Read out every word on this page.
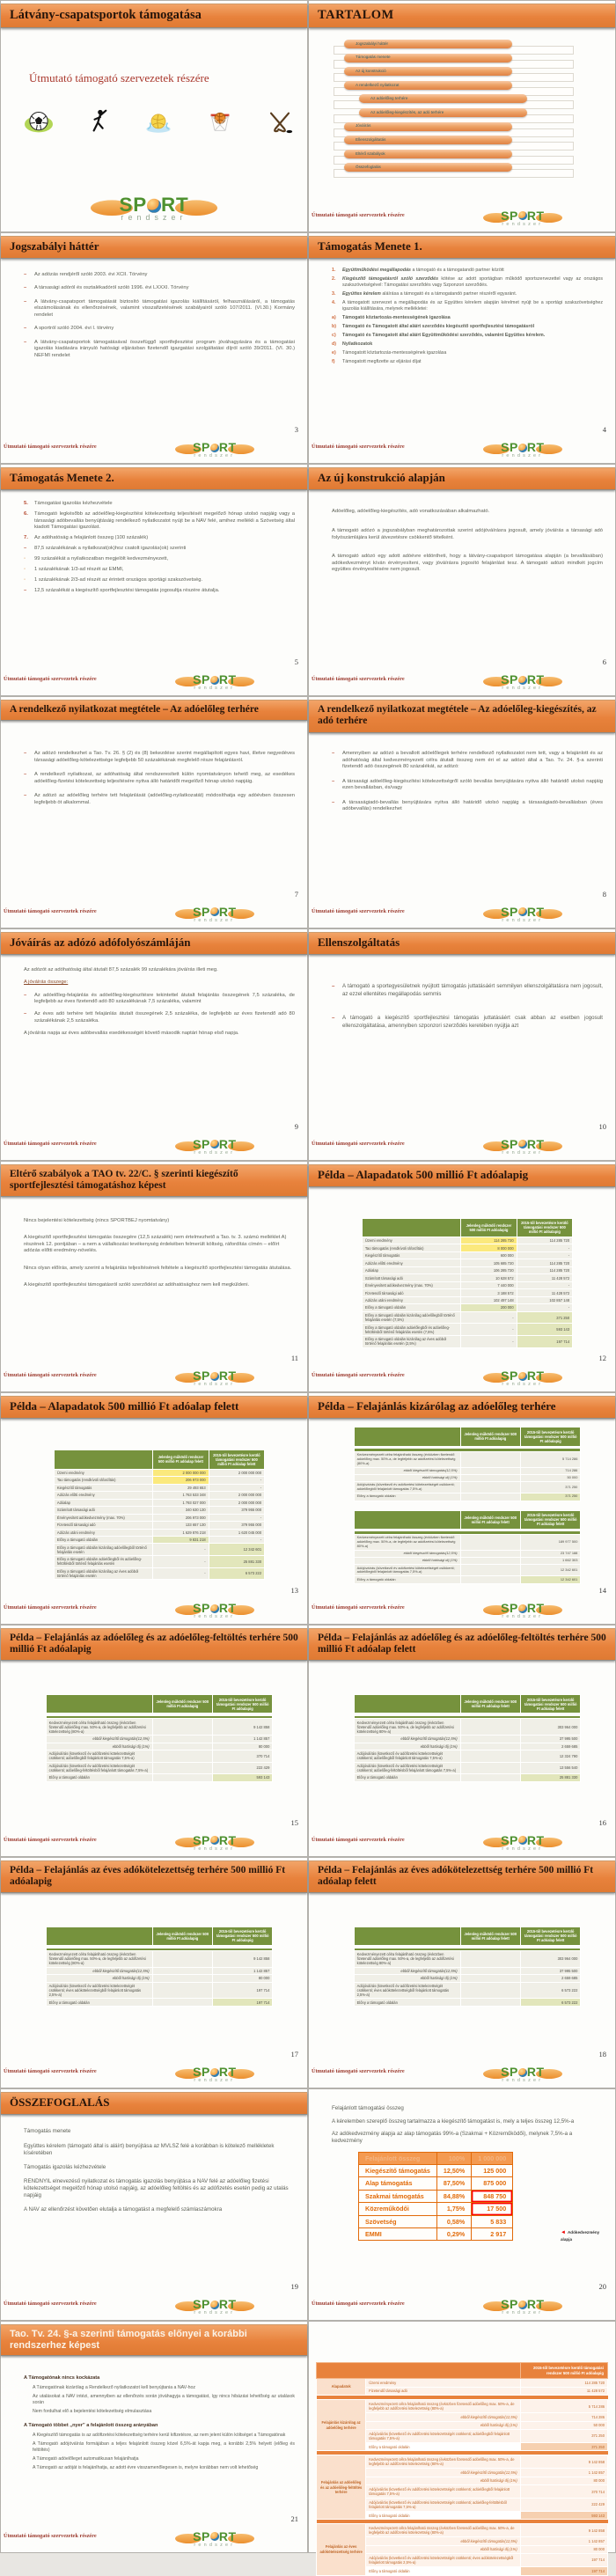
Látvány-csapatsportok támogatása
Útmutató támogató szervezetek részére
SP RT
rendszer
TARTALOM
Jogszabályi háttér
Támogatás menete
Az új konstrukció
A rendelkező nyilatkozat
Az adóelőleg terhére
Az adóelőleg-kiegészítés, az adó terhére
Jóváírás
Ellenszolgáltatás
Eltérő szabályok
Összefoglalás
Útmutató támogató szervezetek részére	SP RT
rendszer
Jogszabályi háttér
–	Az adózás rendjéről szóló 2003. évi XCII. Törvény
–	A társasági adóról és osztalékadóról szóló 1996. évi LXXXI. Törvény
–	A látvány-csapatsport támogatását biztosító támogatási igazolás kiállításáról, felhasználásáról, a támogatás elszámolásának és ellenőrzésének, valamint visszafizetésének szabályairól szóló 107/2011. (VI.30.) Kormány rendelet
–	A sportról szóló 2004. évi I. törvény
–	A látvány-csapatsportok támogatásával összefüggő sportfejlesztési program jóváhagyására és a támogatási igazolás kiadására irányuló hatósági eljárásban fizetendő igazgatási szolgáltatási díjról szóló 39/2011. (VI. 30.) NEFMI rendelet
Útmutató támogató szervezetek részére	SP RT
rendszer
3
Támogatás Menete 1.
1.	Együttműködési megállapodás a támogató és a támogatandó partner között
2.	Kiegészítő támogatásról szóló szerződés kötése az adott sportágban működő sportszervezettel vagy az országos szakszövetségével: Támogatási szerződés vagy Szponzori szerződés.
3.	Együttes kérelem aláírása a támogató és a támogatandó partner részéről egyaránt.
4.	A támogatott szervezet a megállapodás és az Együttes kérelem alapján kérelmet nyújt be a sportági szakszövetséghez igazolás kiállítására, melynek mellékletei:
a)	Támogató köztartozás-mentességének igazolása
b)	Támogató és Támogatott által aláírt szerződés kiegészítő sportfejlesztési támogatásról
c)	Támogató és Támogatott által aláírt Együttműködési szerződés, valamint Együttes kérelem.
d)	Nyilatkozatok
e)	Támogatott köztartozás-mentességének igazolása
f)	Támogatott megfizette az eljárási díjat
Útmutató támogató szervezetek részére	SP RT
rendszer
4
Támogatás Menete 2.
5.	Támogatási igazolás kézhezvétele
6.	Támogató legkésőbb az adóelőleg-kiegészítési kötelezettség teljesítését megelőző hónap utolsó napjáig vagy a társasági adóbevallás benyújtásáig rendelkező nyilatkozatot nyújt be a NAV felé, amihez mellékli a Szövetség által kiadott Támogatási igazolást.
7.	Az adóhatóság a felajánlott összeg (100 százalék)
–	87,5 százalékának a nyilatkozat(ok)hoz csatolt igazolás(ok) szerinti
◦	99 százalékát a nyilatkozatban megjelölt kedvezményezett,
◦	1 százalékának 1/3-ad részét az EMMI,
◦	1 százalékának 2/3-ad részét az érintett országos sportági szakszövetség.
–	12,5 százalékát a kiegészítő sportfejlesztési támogatás jogosultja részére átutalja.
Útmutató támogató szervezetek részére	SP RT
rendszer
5
Az új konstrukció alapján
Adóelőleg, adóelőleg-kiegészítés, adó vonatkozásában alkalmazható.
A támogató adózó a jogszabályban meghatározottak szerint adójóváírásra jogosult, amely jóváírás a társasági adó folyószámlájára kerül átvezetésre csökkentő tételként.
A támogató adózó egy adott adóévre eldöntheti, hogy a látvány-csapatsport támogatása alapján (a bevallásában) adókedvezményt kíván érvényesíteni, vagy jóváírásra jogosító felajánlást tesz. A támogató adózó mindkét jogcím együttes érvényesítésére nem jogosult.
Útmutató támogató szervezetek részére	SP RT
rendszer
6
A rendelkező nyilatkozat megtétele – Az adóelőleg terhére
–	Az adózó rendelkezhet a Tao. Tv. 26. § (2) és (8) bekezdése szerint megállapított egyes havi, illetve negyedéves társasági adóelőleg-kötelezettsége legfeljebb 50 százalékának megfelelő része felajánlásról.
–	A rendelkező nyilatkozat, az adóhatóság által rendszeresített külön nyomtatványon tehető meg, az esedékes adóelőleg-fizetési kötelezettség teljesítésére nyitva álló határidőt megelőző hónap utolsó napjáig.
–	Az adózó az adóelőleg terhére tett felajánlását (adóelőleg-nyilatkozatát) módosíthatja egy adóévben összesen legfeljebb öt alkalommal.
Útmutató támogató szervezetek részére	SP RT
rendszer
7
A rendelkező nyilatkozat megtétele – Az adóelőleg-kiegészítés, az adó terhére
–	Amennyiben az adózó a bevallott adóelőlegek terhére rendelkező nyilatkozatot nem tett, vagy a felajánlott és az adóhatóság által kedvezményezett célra átutalt összeg nem éri el az adózó által a Tao. Tv. 24. §-a szerinti fizetendő adó összegének 80 százalékát, az adózó:
–	A társasági adóelőleg-kiegészítési kötelezettségről szóló bevallás benyújtására nyitva álló határidő utolsó napjáig ezen bevallásban, és/vagy
–	A társaságiadó-bevallás benyújtására nyitva álló határidő utolsó napjáig a társaságiadó-bevallásban (éves adóbevallás) rendelkezhet
Útmutató támogató szervezetek részére	SP RT
rendszer
8
Jóváírás az adózó adófolyószámláján
Az adózót az adóhatóság által átutalt 87,5 százalék 99 százalékára jóváírás illeti meg.
A jóváírás összege:
–	Az adóelőleg-felajánlás és adóelőleg-kiegészítésre tekintettel átutalt felajánlás összegének 7,5 százaléka, de legfeljebb az éves fizetendő adó 80 százalékának 7,5 százaléka, valamint
–	Az éves adó terhére tett felajánlás átutalt összegének 2,5 százaléka, de legfeljebb az éves fizetendő adó 80 százalékának 2,5 százaléka.
A jóváírás napja az éves adóbevallás esedékességét követő második naptári hónap első napja.
Útmutató támogató szervezetek részére	SP RT
rendszer
9
Ellenszolgáltatás
–	A támogató a sportegyesületnek nyújtott támogatás juttatásáért semmilyen ellenszolgáltatásra nem jogosult, az ezzel ellentétes megállapodás semmis
–	A támogató a kiegészítő sportfejlesztési támogatás juttatásáért csak abban az esetben jogosult ellenszolgáltatása, amennyiben szponzori szerződés keretében nyújtja azt
Útmutató támogató szervezetek részére	SP RT
rendszer
10
Eltérő szabályok a TAO tv. 22/C. § szerinti kiegészítő sportfejlesztési támogatáshoz képest
Nincs bejelentési kötelezettség (nincs SPORTBEJ nyomtatvány)
A kiegészítő sportfejlesztési támogatás összegére (12,5 százalék) nem értelmezhető a Tao. tv. 3. számú melléklet A) részének 12. pontjában – a nem a vállalkozási tevékenység érdekében felmerült költség, ráfordítás címén – előírt adózás előtti eredmény-növelés.
Nincs olyan előírás, amely szerint a felajánlás teljesítésének feltétele a kiegészítő sportfejlesztési támogatás átutalása.
A kiegészítő sportfejlesztési támogatásról szóló szerződést az adóhatósághoz nem kell megküldeni.
Útmutató támogató szervezetek részére	SP RT
rendszer
11
Példa – Alapadatok 500 millió Ft adóalapig
	Jelenleg működő rendszer 500 millió Ft adóalapig	2015-től bevezetésre kerülő támogatási rendszer 500 millió Ft adóalapig
Üzemi eredmény	114 285 720	114 285 720
Tao támogatás (rendkívüli ráfordítás)	8 000 000	-
Kiegészítő támogatás	600 000	-
Adózás előtti eredmény	105 685 720	114 285 720
Adóalap	106 285 720	114 285 720
Számított társasági adó	10 628 572	11 428 572
Érvényesített adókedvezmény (max. 70%)	7 440 000	-
Fizetendő társasági adó	3 188 572	11 428 572
Adózás utáni eredmény	102 497 148	102 857 148
Előny a támogató oldalán	200 000	-
Előny a támogató oldalán kizárólag adóelőlegből történő felajánlás esetén (7,5%)	-	371 250
Előny a támogató oldalán adóelőlegből és adóelőleg-feltöltésből történő felajánlás esetén (7,5%)	-	593 143
Előny a támogató oldalán kizárólag az éves adóból történő felajánlás esetén (2,5%)	-	197 714
Útmutató támogató szervezetek részére	SP RT
rendszer
12
Példa – Alapadatok 500 millió Ft adóalap felett
	Jelenleg működő rendszer 500 millió Ft adóalap felett	2015-től bevezetésre kerülő támogatási rendszer 500 millió Ft adóalap felett
Üzemi eredmény	2 000 000 000	2 000 000 000
Tao támogatás (rendkívüli ráfordítás)	206 973 000	-
Kiegészítő támogatás	29 493 653	-
Adózás előtti eredmény	1 763 533 348	2 000 000 000
Adóalap	1 793 027 000	2 000 000 000
Számított társasági adó	340 630 130	379 955 000
Érvényesített adókedvezmény (max. 70%)	206 973 000	-
Fizetendő társasági adó	133 657 130	379 955 000
Adózás utáni eredmény	1 629 876 218	1 620 045 000
Előny a támogató oldalán	9 831 218	-
Előny a támogató oldalán kizárólag adóelőlegből történő felajánlás esetén	-	12 342 601
Előny a támogató oldalán adóelőlegből és adóelőleg-feltöltésből történő felajánlás esetén	-	25 881 330
Előny a támogató oldalán kizárólag az éves adóból történő felajánlás esetén	-	6 573 222
Útmutató támogató szervezetek részére	SP RT
rendszer
13
Példa – Felajánlás kizárólag az adóelőleg terhére
	Jelenleg működő rendszer 500 millió Ft adóalapig	2015-től bevezetésre kerülő támogatási rendszer 500 millió Ft adóalapig

Kedvezményezett célra felajánlható összeg (évközben fizetendő adóelőleg max. 50%-a, de legfeljebb az adófizetési kötelezettség (80%-a)		5 714 286
ebből kiegészítő támogatás(12,5%)		714 286
ebből hatósági díj (1%)		50 000
Adójóváírás (következő év adófizetési kötelezettségét csökkenti; adóelőlegből felajánlott támogatás 7,5%-a)		371 250
Előny a támogató oldalán		371 250
	Jelenleg működő rendszer 500 millió Ft adóalap felett	2015-től bevezetésre kerülő támogatási rendszer 500 millió Ft adóalap felett

Kedvezményezett célra felajánlható összeg (évközben fizetendő adóelőleg max. 50%-a, de legfeljebb az adófizetési kötelezettség 80%-a)		189 977 500
ebből kiegészítő támogatás(12,5%)		23 747 188
ebből hatósági díj (1%)		1 662 303
Adójóváírás (következő év adófizetési kötelezettségét csökkenti; adóelőlegből felajánlott támogatás 7,5%-a)		12 342 601
Előny a támogató oldalán		12 342 601
Útmutató támogató szervezetek részére	SP RT
rendszer
14
Példa – Felajánlás az adóelőleg és az adóelőleg-feltöltés terhére 500 millió Ft adóalapig
	Jelenleg működő rendszer 500 millió Ft adóalapig	2015-től bevezetésre kerülő támogatási rendszer 500 millió Ft adóalapig

Kedvezményezett célra felajánlható összeg (évközben fizetendő adóelőleg max. 50%-a, de legfeljebb az adófizetési kötelezettség (80%-a)		9 142 858
ebből kiegészítő támogatás(12,5%)		1 142 857
ebből hatósági díj (1%)		80 000
Adójóváírás (következő év adófizetési kötelezettségét csökkenti; adóelőlegből felajánlott támogatás 7,5%-a)		370 714
Adójóváírás (következő év adófizetési kötelezettségét csökkenti; adóelőleg-feltöltésből felajánlott támogatás 7,5%-a)		222 429
Előny a támogató oldalán		593 143
Útmutató támogató szervezetek részére	SP RT
rendszer
15
Példa – Felajánlás az adóelőleg és az adóelőleg-feltöltés terhére 500 millió Ft adóalap felett
	Jelenleg működő rendszer 500 millió Ft adóalap felett	2015-től bevezetésre kerülő támogatási rendszer 500 millió Ft adóalap felett

Kedvezményezett célra felajánlható összeg (évközben fizetendő adóelőleg max. 50%-a, de legfeljebb az adófizetési kötelezettség 80%-a)		303 964 000
ebből kiegészítő támogatás(12,5%)		37 995 500
ebből hatósági díj (1%)		2 659 685
Adójóváírás (következő év adófizetési kötelezettségét csökkenti; adóelőlegből felajánlott támogatás 7,5%-a)		12 324 790
Adójóváírás (következő év adófizetési kötelezettségét csökkenti; adóelőleg-feltöltésből felajánlott támogatás 7,5%-a)		13 556 540
Előny a támogató oldalán		25 881 330
Útmutató támogató szervezetek részére	SP RT
rendszer
16
Példa – Felajánlás az éves adókötelezettség terhére 500 millió Ft adóalapig
	Jelenleg működő rendszer 500 millió Ft adóalapig	2015-től bevezetésre kerülő támogatási rendszer 500 millió Ft adóalapig

Kedvezményezett célra felajánlható összeg (évközben fizetendő adóelőleg max. 50%-a, de legfeljebb az adófizetési kötelezettség (80%-a)		9 142 858
ebből kiegészítő támogatás(12,5%)		1 142 857
ebből hatósági díj (1%)		80 000
Adójóváírás (következő év adófizetési kötelezettségét csökkenti; éves adókötelezettségből felajánlott támogatás 2,5%-a)		197 714
Előny a támogató oldalán		197 714
Útmutató támogató szervezetek részére	SP RT
rendszer
17
Példa – Felajánlás az éves adókötelezettség terhére 500 millió Ft adóalap felett
	Jelenleg működő rendszer 500 millió Ft adóalap felett	2015-től bevezetésre kerülő támogatási rendszer 500 millió Ft adóalap felett

Kedvezményezett célra felajánlható összeg (évközben fizetendő adóelőleg max. 50%-a, de legfeljebb az adófizetési kötelezettség 80%-a)		303 964 000
ebből kiegészítő támogatás(12,5%)		37 995 500
ebből hatósági díj (1%)		2 659 685
Adójóváírás (következő év adófizetési kötelezettségét csökkenti; éves adókötelezettségből felajánlott támogatás 2,5%-a)		6 573 222
Előny a támogató oldalán		6 573 222
Útmutató támogató szervezetek részére	SP RT
rendszer
18
ÖSSZEFOGLALÁS
Támogatás menete
Együttes kérelem (támogató által is aláírt) benyújtása az MVLSZ felé a korábban is kötelező mellékletek kíséretében
Támogatás igazolás kézhezvétele
RENDNYIL elnevezésű nyilatkozat és támogatás igazolás benyújtása a NAV felé az adóelőleg fizetési kötelezettséget megelőző hónap utolsó napjáig, az adóelőleg feltöltés és az adófizetés esetén pedig az utalás napjáig
A NAV az ellenőrzést követően elutalja a támogatást a megfelelő számlaszámokra
Útmutató támogató szervezetek részére	SP RT
rendszer
19
Felajánlott támogatási összeg
A kérelemben szereplő összeg tartalmazza a kiegészítő támogatást is, mely a teljes összeg 12,5%-a
Az adókedvezmény alapja az alap támogatás 99%-a (Szakmai + Közreműködői), melynek 7,5%-a a kedvezmény
Felajánlott összeg	100%	1 000 000
Kiegészítő támogatás	12,50%	125 000
Alap támogatás	87,50%	875 000
Szakmai támogatás	84,88%	848 750
Közreműködői	1,75%	17 500
Szövetség	0,58%	5 833
EMMI	0,29%	2 917	◄ Adókedvezmény alapja
Útmutató támogató szervezetek részére	SP RT
rendszer
20
Tao. Tv. 24. §-a szerinti támogatás előnyei a korábbi rendszerhez képest
A Támogatónak nincs kockázata
A Támogatónak kizárólag a Rendelkező nyilatkozatot kell benyújtania a NAV-hoz
Az utalásokat a NAV intézi, amennyiben az ellenőrzés során jóváhagyja a támogatást, így nincs hibázási lehetőség az utalások során
Nem fordulhat elő a bejelentési kötelezettség elmulasztása
A Támogató többet „nyer” a felajánlott összeg arányában
A Kiegészítő támogatás is az adófizetési kötelezettség terhére kerül kifizetésre, az nem jelent külön költséget a Támogatónak
A Támogató adójóváírás formájában a teljes felajánlott összeg közel 6,5%-át kapja meg, a korábbi 2,5% helyett (előleg és feltöltés)
A Támogató adóelőleget automatikusan felajánlhatja
A Támogató az adóját is felajánlhatja, az adott évre visszamenőlegesen is, melyre korábban nem volt lehetőség
Útmutató támogató szervezetek részére	SP RT
rendszer
21
		2015-től bevezetésre kerülő támogatási rendszer 500 millió Ft adóalapig
Alapadatok	Üzemi eredmény	114 285 720
	Fizetendő társasági adó	11 428 572

Felajánlás kizárólag az adóelőleg terhére	Kedvezményezett célra felajánlható összeg (évközben fizetendő adóelőleg max. 50%-a, de legfeljebb az adófizetési kötelezettség (80%-a)	5 714 286
	ebből kiegészítő támogatás(12,5%)	714 286
	ebből hatósági díj (1%)	50 000
	Adójóváírás (következő év adófizetési kötelezettségét csökkenti; adóelőlegből felajánlott támogatás 7,5%-a)	371 250
	Előny a támogató oldalán	371 250

Felajánlás az adóelőleg és az adóelőleg-feltöltés terhére	Kedvezményezett célra felajánlható összeg (évközben fizetendő adóelőleg max. 50%-a, de legfeljebb az adófizetési kötelezettség (80%-a)	9 142 858
	ebből kiegészítő támogatás(12,5%)	1 142 857
	ebből hatósági díj (1%)	80 000
	Adójóváírás (következő év adófizetési kötelezettségét csökkenti; adóelőlegből felajánlott támogatás 7,5%-a)	370 714
	Adójóváírás (következő év adófizetési kötelezettségét csökkenti; adóelőleg-feltöltésből felajánlott támogatás 7,5%-a)	222 429
	Előny a támogató oldalán	593 143

Felajánlás az éves adókötelezettség terhére	Kedvezményezett célra felajánlható összeg (évközben fizetendő adóelőleg max. 50%-a, de legfeljebb az adófizetési kötelezettség (80%-a)	9 142 858
	ebből kiegészítő támogatás(12,5%)	1 142 857
	ebből hatósági díj (1%)	80 000
	Adójóváírás (következő év adófizetési kötelezettségét csökkenti; éves adókötelezettségből felajánlott támogatás 2,5%-a)	197 714
	Előny a támogató oldalán	197 714
